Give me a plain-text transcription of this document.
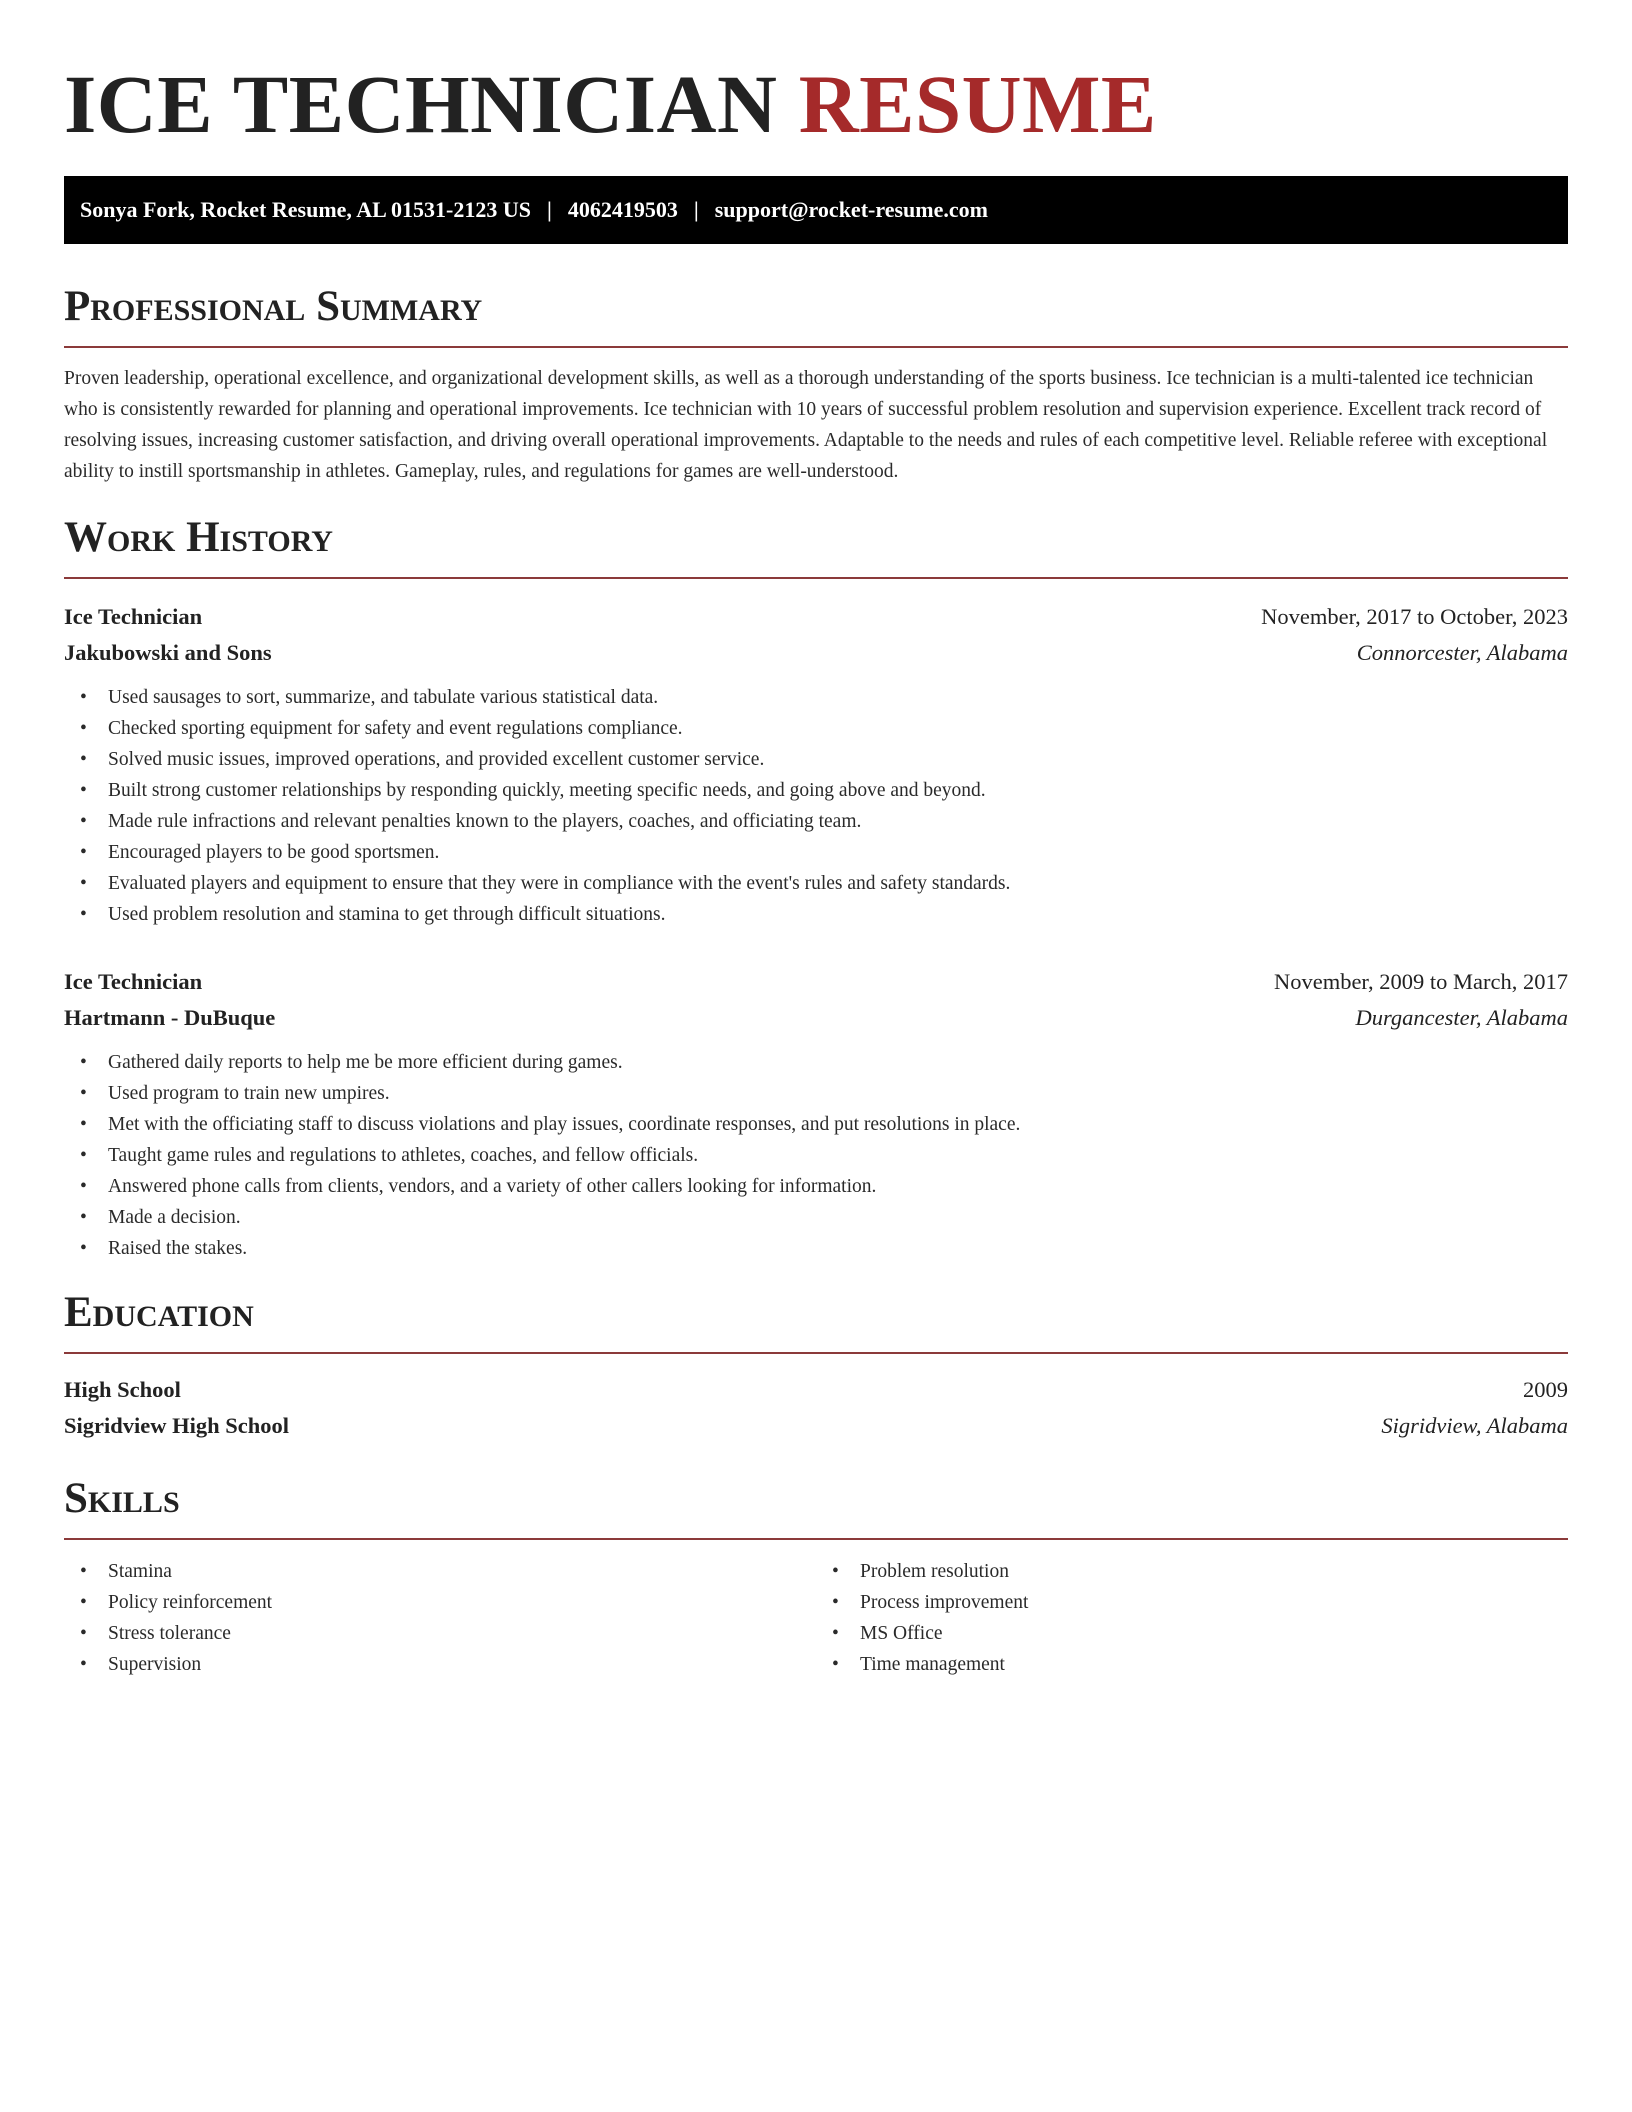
ICE TECHNICIAN RESUME
Sonya Fork, Rocket Resume, AL 01531-2123 US | 4062419503 | support@rocket-resume.com
Professional Summary

Proven leadership, operational excellence, and organizational development skills, as well as a thorough understanding of the sports business. Ice technician is a multi-talented ice technician who is consistently rewarded for planning and operational improvements. Ice technician with 10 years of successful problem resolution and supervision experience. Excellent track record of resolving issues, increasing customer satisfaction, and driving overall operational improvements. Adaptable to the needs and rules of each competitive level. Reliable referee with exceptional ability to instill sportsmanship in athletes. Gameplay, rules, and regulations for games are well-understood.

Work History
Ice Technician	November, 2017 to October, 2023
Jakubowski and Sons	Connorcester, Alabama
• Used sausages to sort, summarize, and tabulate various statistical data.
• Checked sporting equipment for safety and event regulations compliance.
• Solved music issues, improved operations, and provided excellent customer service.
• Built strong customer relationships by responding quickly, meeting specific needs, and going above and beyond.
• Made rule infractions and relevant penalties known to the players, coaches, and officiating team.
• Encouraged players to be good sportsmen.
• Evaluated players and equipment to ensure that they were in compliance with the event's rules and safety standards.
• Used problem resolution and stamina to get through difficult situations.
Ice Technician	November, 2009 to March, 2017
Hartmann - DuBuque	Durgancester, Alabama
• Gathered daily reports to help me be more efficient during games.
• Used program to train new umpires.
• Met with the officiating staff to discuss violations and play issues, coordinate responses, and put resolutions in place.
• Taught game rules and regulations to athletes, coaches, and fellow officials.
• Answered phone calls from clients, vendors, and a variety of other callers looking for information.
• Made a decision.
• Raised the stakes.
Education
High School	2009
Sigridview High School	Sigridview, Alabama
Skills
• Stamina
• Policy reinforcement
• Stress tolerance
• Supervision
• Problem resolution
• Process improvement
• MS Office
• Time management
